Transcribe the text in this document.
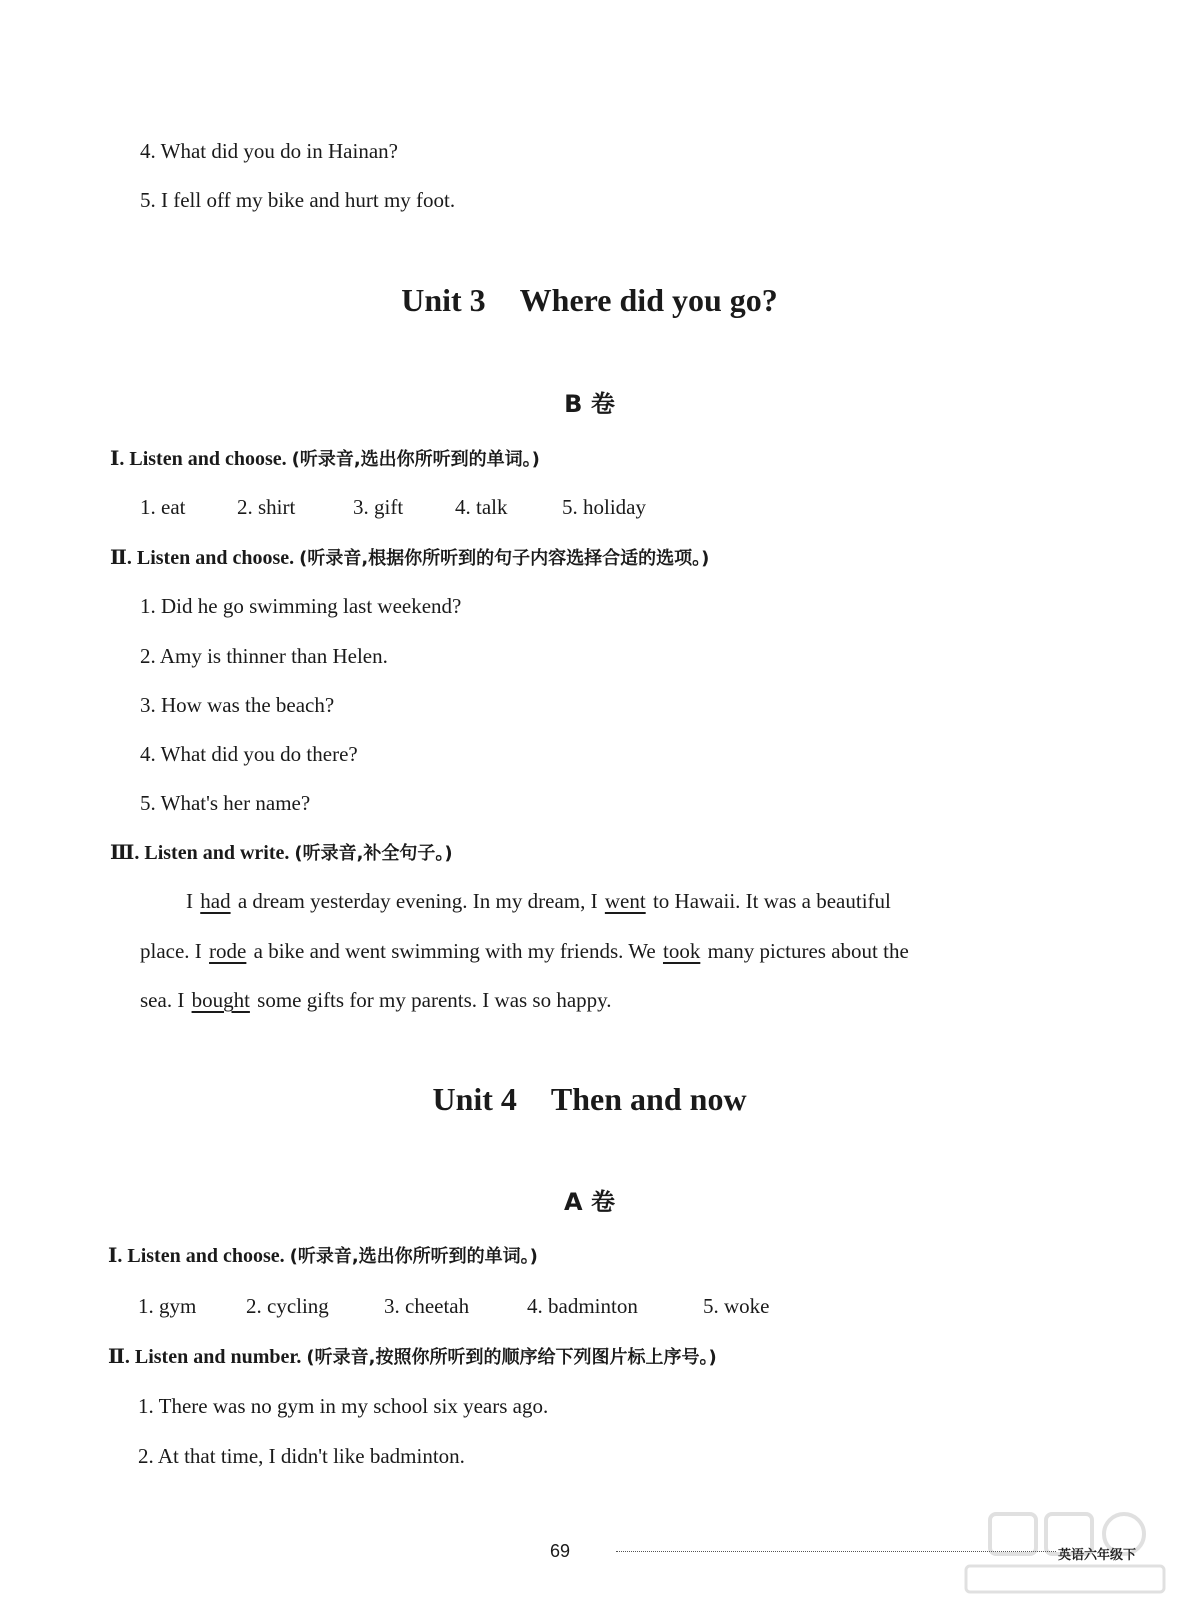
4. What did you do in Hainan?
5. I fell off my bike and hurt my foot.
Unit 3 Where did you go?
B 卷
Ⅰ. Listen and choose. (听录音,选出你所听到的单词。)
1. eat 2. shirt	3. gift 4. talk	5. holiday
Ⅱ. Listen and choose. (听录音,根据你所听到的句子内容选择合适的选项。)
1. Did he go swimming last weekend?
2. Amy is thinner than Helen.
3. How was the beach?
4. What did you do there?
5. What's her name?
Ⅲ. Listen and write. (听录音,补全句子。)
I had a dream yesterday evening. In my dream, I went to Hawaii. It was a beautiful
place. I rode a bike and went swimming with my friends. We took many pictures about the
sea. I bought some gifts for my parents. I was so happy.
Unit 4 Then and now
A 卷
Ⅰ. Listen and choose. (听录音,选出你所听到的单词。)
1. gym 2. cycling	3. cheetah	4. badminton	5. woke
Ⅱ. Listen and number. (听录音,按照你所听到的顺序给下列图片标上序号。)
1. There was no gym in my school six years ago.
2. At that time, I didn't like badminton.
69	英语六年级下
